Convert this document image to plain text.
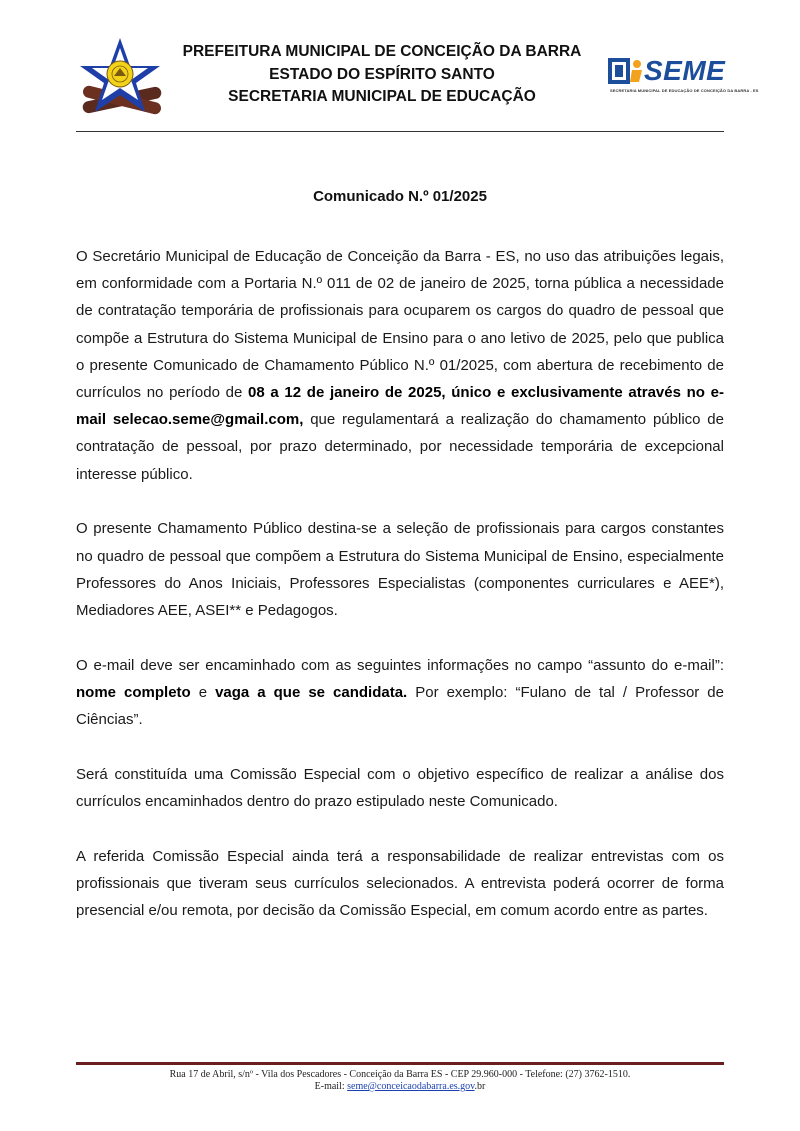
PREFEITURA MUNICIPAL DE CONCEIÇÃO DA BARRA
ESTADO DO ESPÍRITO SANTO
SECRETARIA MUNICIPAL DE EDUCAÇÃO
SEME
SECRETARIA MUNICIPAL DE EDUCAÇÃO DE CONCEIÇÃO DA BARRA - ES
Comunicado N.º 01/2025

O Secretário Municipal de Educação de Conceição da Barra - ES, no uso das atribuições legais, em conformidade com a Portaria N.º 011 de 02 de janeiro de 2025, torna pública a necessidade de contratação temporária de profissionais para ocuparem os cargos do quadro de pessoal que compõe a Estrutura do Sistema Municipal de Ensino para o ano letivo de 2025, pelo que publica o presente Comunicado de Chamamento Público N.º 01/2025, com abertura de recebimento de currículos no período de 08 a 12 de janeiro de 2025, único e exclusivamente através no e-mail selecao.seme@gmail.com, que regulamentará a realização do chamamento público de contratação de pessoal, por prazo determinado, por necessidade temporária de excepcional interesse público.

O presente Chamamento Público destina-se a seleção de profissionais para cargos constantes no quadro de pessoal que compõem a Estrutura do Sistema Municipal de Ensino, especialmente Professores do Anos Iniciais, Professores Especialistas (componentes curriculares e AEE*), Mediadores AEE, ASEI** e Pedagogos.

O e-mail deve ser encaminhado com as seguintes informações no campo “assunto do e-mail”: nome completo e vaga a que se candidata. Por exemplo: “Fulano de tal / Professor de Ciências”.

Será constituída uma Comissão Especial com o objetivo específico de realizar a análise dos currículos encaminhados dentro do prazo estipulado neste Comunicado.

A referida Comissão Especial ainda terá a responsabilidade de realizar entrevistas com os profissionais que tiveram seus currículos selecionados. A entrevista poderá ocorrer de forma presencial e/ou remota, por decisão da Comissão Especial, em comum acordo entre as partes.

Rua 17 de Abril, s/nº - Vila dos Pescadores - Conceição da Barra ES - CEP 29.960-000 - Telefone: (27) 3762-1510.
E-mail: seme@conceicaodabarra.es.gov.br
